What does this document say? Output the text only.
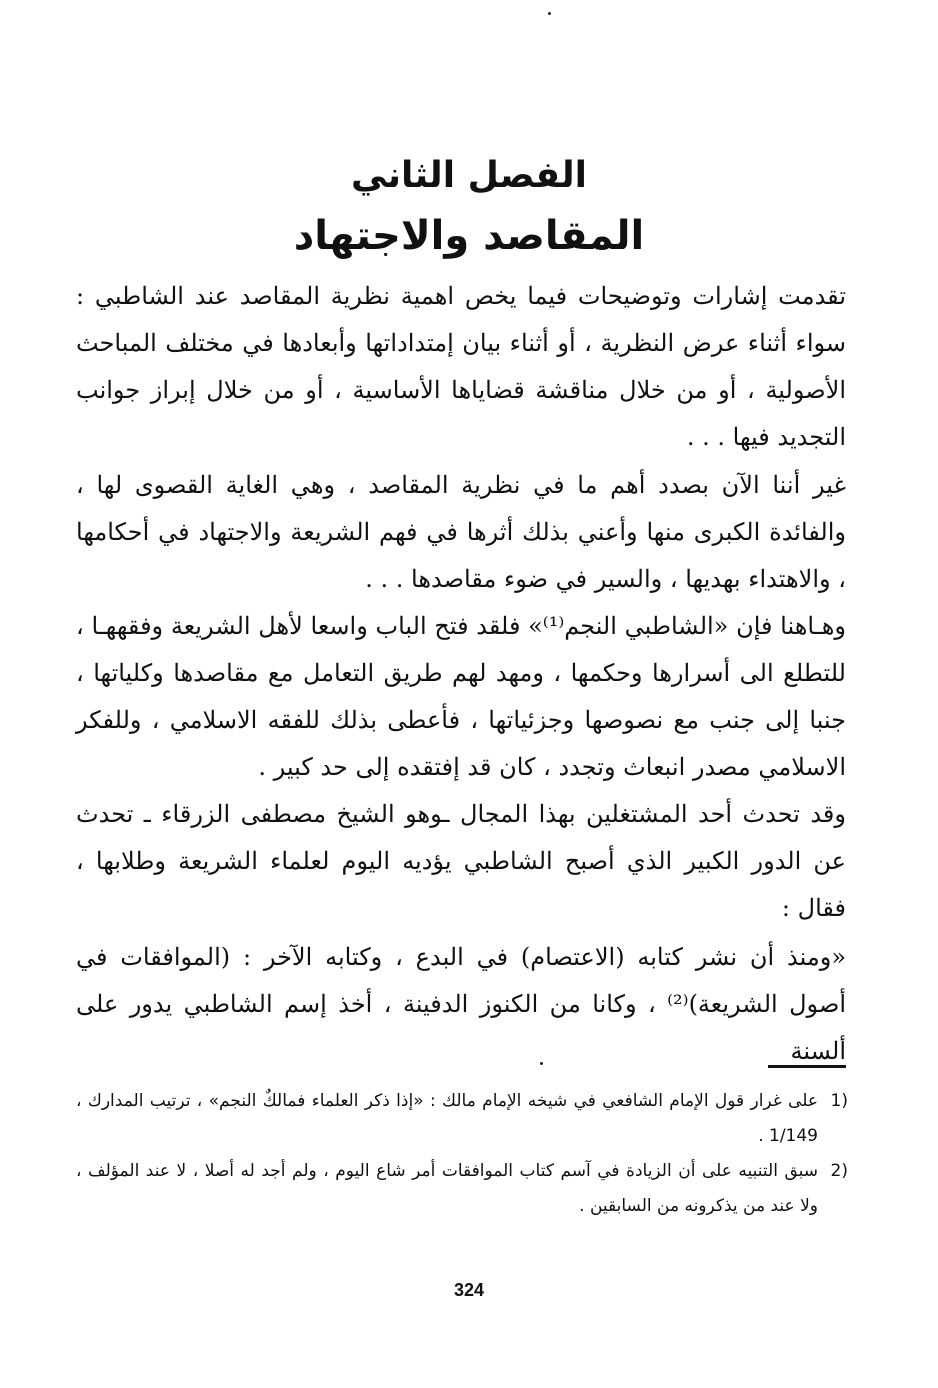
الفصل الثاني
المقاصد والاجتهاد
تقدمت إشارات وتوضيحات فيما يخص اهمية نظرية المقاصد عند الشاطبي : سواء أثناء عرض النظرية ، أو أثناء بيان إمتداداتها وأبعادها في مختلف المباحث الأصولية ، أو من خلال مناقشة قضاياها الأساسية ، أو من خلال إبراز جوانب التجديد فيها . . .
غير أننا الآن بصدد أهم ما في نظرية المقاصد ، وهي الغاية القصوى لها ، والفائدة الكبرى منها وأعني بذلك أثرها في فهم الشريعة والاجتهاد في أحكامها ، والاهتداء بهديها ، والسير في ضوء مقاصدها . . .
وهـاهنا فإن «الشاطبي النجم⁽¹⁾» فلقد فتح الباب واسعا لأهل الشريعة وفقههـا ، للتطلع الى أسرارها وحكمها ، ومهد لهم طريق التعامل مع مقاصدها وكلياتها ، جنبا إلى جنب مع نصوصها وجزئياتها ، فأعطى بذلك للفقه الاسلامي ، وللفكر الاسلامي مصدر انبعاث وتجدد ، كان قد إفتقده إلى حد كبير .
وقد تحدث أحد المشتغلين بهذا المجال ـوهو الشيخ مصطفى الزرقاء ـ تحدث عن الدور الكبير الذي أصبح الشاطبي يؤديه اليوم لعلماء الشريعة وطلابها ، فقال :
«ومنذ أن نشر كتابه (الاعتصام) في البدع ، وكتابه الآخر : (الموافقات في أصول الشريعة)⁽²⁾ ، وكانا من الكنوز الدفينة ، أخذ إسم الشاطبي يدور على ألسنة
1)
على غرار قول الإمام الشافعي في شيخه الإمام مالك : «إذا ذكر العلماء فمالكٌ النجم» ، ترتيب المدارك ، 1/149 .
2)
سبق التنبيه على أن الزيادة في آسم كتاب الموافقات أمر شاع اليوم ، ولم أجد له أصلا ، لا عند المؤلف ، ولا عند من يذكرونه من السابقين .
324
